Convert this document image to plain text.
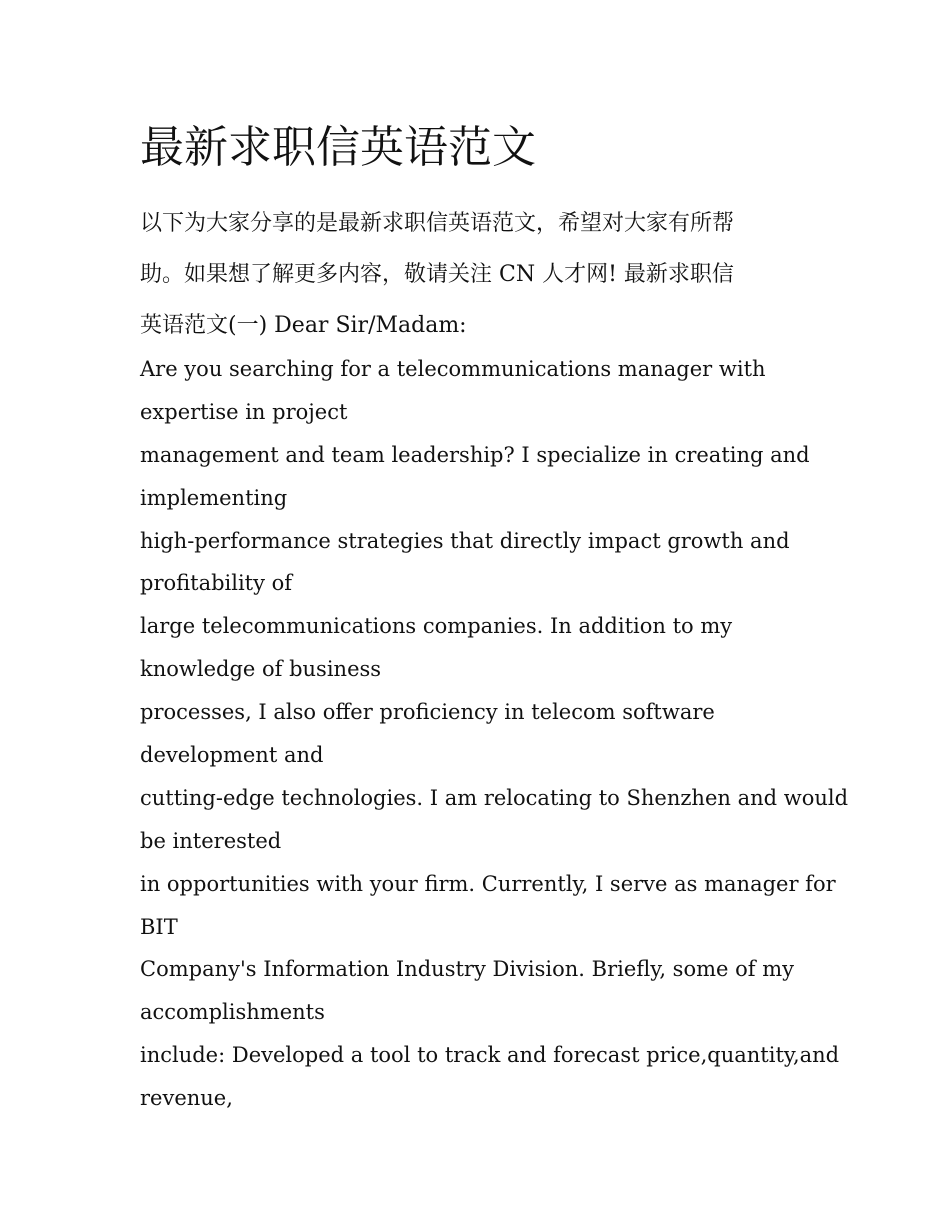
最新求职信英语范文
以下为大家分享的是最新求职信英语范文，希望对大家有所帮
助。如果想了解更多内容，敬请关注 CN 人才网! 最新求职信
英语范文(一) Dear Sir/Madam:
Are you searching for a telecommunications manager with
expertise in project
management and team leadership? I specialize in creating and
implementing
high-performance strategies that directly impact growth and
profitability of
large telecommunications companies. In addition to my
knowledge of business
processes, I also offer proficiency in telecom software
development and
cutting-edge technologies. I am relocating to Shenzhen and would
be interested
in opportunities with your firm. Currently, I serve as manager for
BIT
Company's Information Industry Division. Briefly, some of my
accomplishments
include: Developed a tool to track and forecast price,quantity,and
revenue,
